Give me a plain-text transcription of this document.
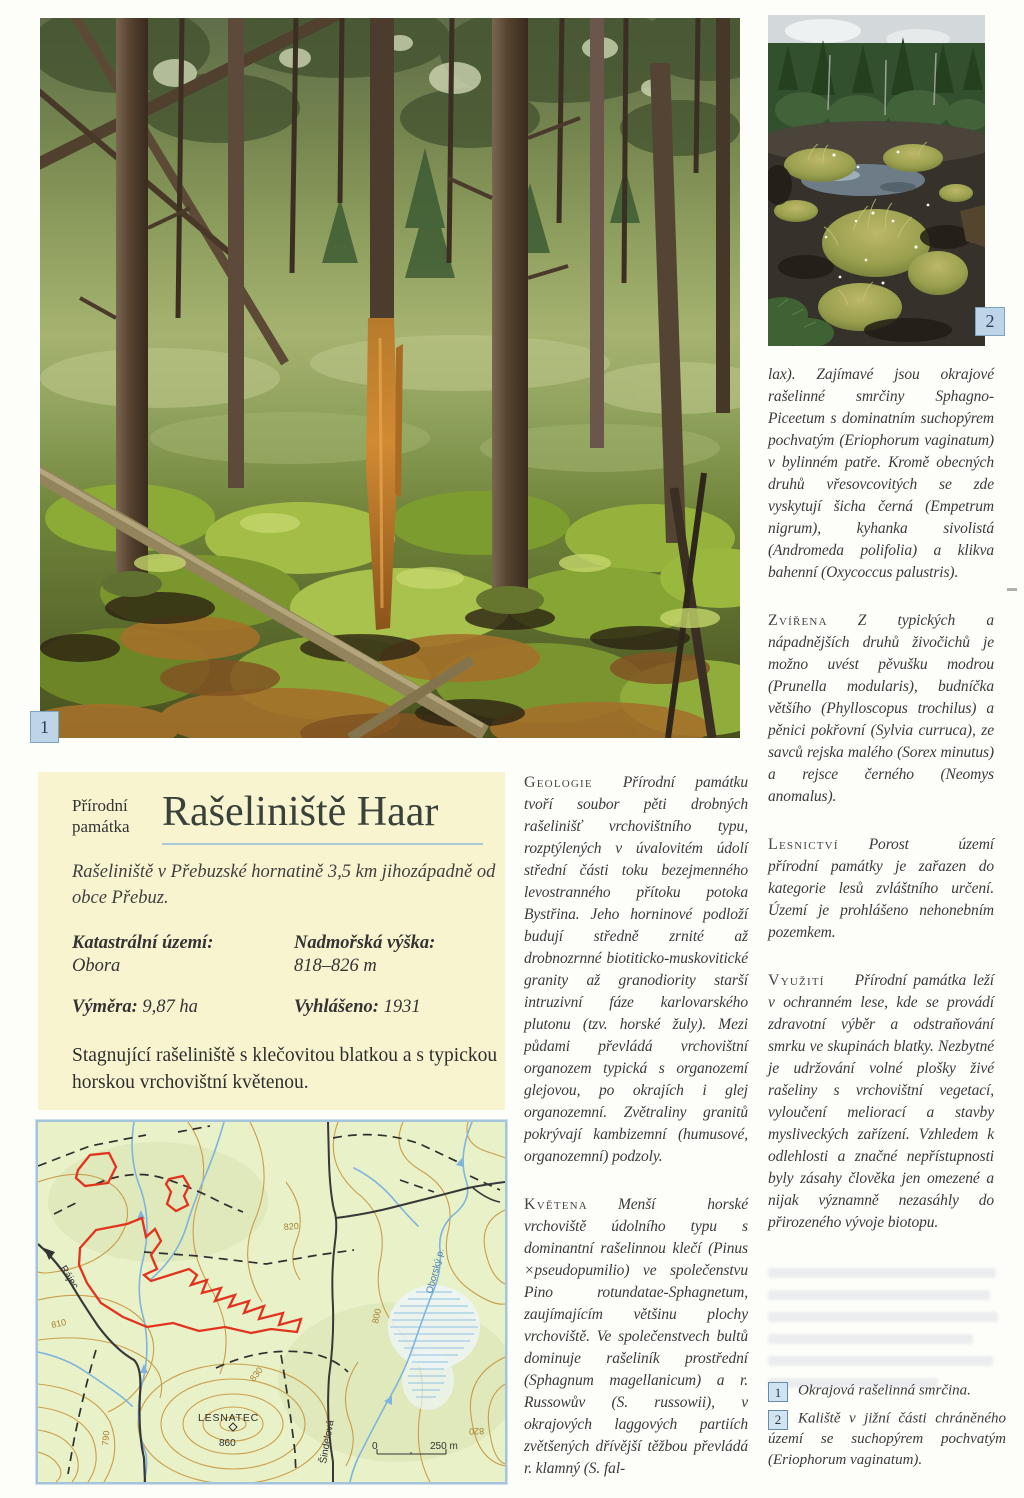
1
2
Přírodní
památka Rašeliniště Haar

Rašeliniště v Přebuzské hornatině 3,5 km jihozápadně od obce Přebuz.

Katastrální území:
Obora
Nadmořská výška:
818–826 m
Výměra: 9,87 ha	Vyhlášeno: 1931

Stagnující rašeliniště s klečovitou blatkou a s typickou horskou vrchovištní květenou.

Geologie Přírodní památku tvoří soubor pěti drobných rašelinišť vrchovištního typu, rozptýlených v úvalovitém údolí střední části toku bezejmenného levostranného přítoku potoka Bystřina. Jeho horninové podloží budují středně zrnité až drobnozrnné biotiticko-muskovitické granity až granodiority starší intruzivní fáze karlovarského plutonu (tzv. horské žuly). Mezi půdami převládá vrchovištní organozem typická s organozemí glejovou, po okrajích i glej organozemní. Zvětraliny granitů pokrývají kambizemní (humusové, organozemní) podzoly.

Květena Menší horské vrchoviště údolního typu s dominantní rašelinnou klečí (Pinus ×pseudopumilio) ve společenstvu Pino rotundatae-Sphagnetum, zaujímajícím většinu plochy vrchoviště. Ve společenstvech bultů dominuje rašeliník prostřední (Sphagnum magellanicum) a r. Russowův (S. russowii), v okrajových laggových partiích zvětšených dřívější těžbou převládá r. klamný (S. fal-

lax). Zajímavé jsou okrajové rašelinné smrčiny Sphagno-Piceetum s dominatním suchopýrem pochvatým (Eriophorum vaginatum) v bylinném patře. Kromě obecných druhů vřesovcovitých se zde vyskytují šicha černá (Empetrum nigrum), kyhanka sivolistá (Andromeda polifolia) a klikva bahenní (Oxycoccus palustris).

Zvířena Z typických a nápadnějších druhů živočichů je možno uvést pěvušku modrou (Prunella modularis), budníčka většího (Phylloscopus trochilus) a pěnici pokřovní (Sylvia curruca), ze savců rejska malého (Sorex minutus) a rejsce černého (Neomys anomalus).

Lesnictví Porost území přírodní památky je zařazen do kategorie lesů zvláštního určení. Území je prohlášeno nehonebním pozemkem.

Využití Přírodní památka leží v ochranném lese, kde se provádí zdravotní výběr a odstraňování smrku ve skupinách blatky. Nezbytné je udržování volné plošky živé rašeliny s vrchovištní vegetací, vyloučení meliorací a stavby mysliveckých zařízení. Vzhledem k odlehlosti a značné nepřístupnosti byly zásahy člověka jen omezené a nijak významně nezasáhly do přirozeného vývoje biotopu.

1 Okrajová rašelinná smrčina.

2 Kaliště v jižní části chráněného území se suchopýrem pochvatým (Eriophorum vaginatum).

810
820
800
790
830
820
Oborský p.
Rájec
Šindelová
LESNATEC
860	0	250 m
